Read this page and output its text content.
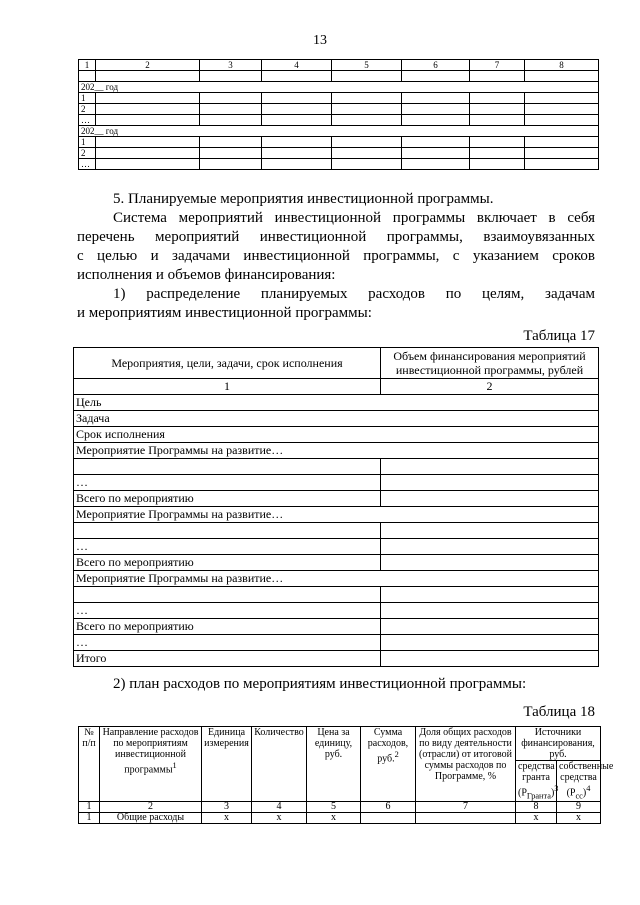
13
1	2	3	4	5	6	7	8

202__ год							
1							
2							
…							
202__ год							
1							
2							
…							
5. Планируемые мероприятия инвестиционной программы.
Система мероприятий инвестиционной программы включает в себя
перечень мероприятий инвестиционной программы, взаимоувязанных
с целью и задачами инвестиционной программы, с указанием сроков
исполнения и объемов финансирования:
1) распределение планируемых расходов по целям, задачам
и мероприятиям инвестиционной программы:
Таблица 17
Мероприятия, цели, задачи, срок исполнения	Объем финансирования мероприятий инвестиционной программы, рублей
1	2
Цель	
Задача	
Срок исполнения	
Мероприятие Программы на развитие…	

…	
Всего по мероприятию	
Мероприятие Программы на развитие…	

…	
Всего по мероприятию	
Мероприятие Программы на развитие…	

…	
Всего по мероприятию	
…	
Итого	
2) план расходов по мероприятиям инвестиционной программы:
Таблица 18
№ п/п	Направление расходов по мероприятиям инвестиционной программы$^1$	Единица измерения	Количество	Цена за единицу, руб.	Сумма расходов, руб.$^2$	Доля общих расходов по виду деятельности (отрасли) от итоговой суммы расходов по Программе, %	Источники финансирования, руб.	
							средства гранта $(P_{Гранта})^3$	собственные средства $(P_{сс})^4$
1	2	3	4	5	6	7	8	9
1	Общие расходы	х	х	х			х	х
